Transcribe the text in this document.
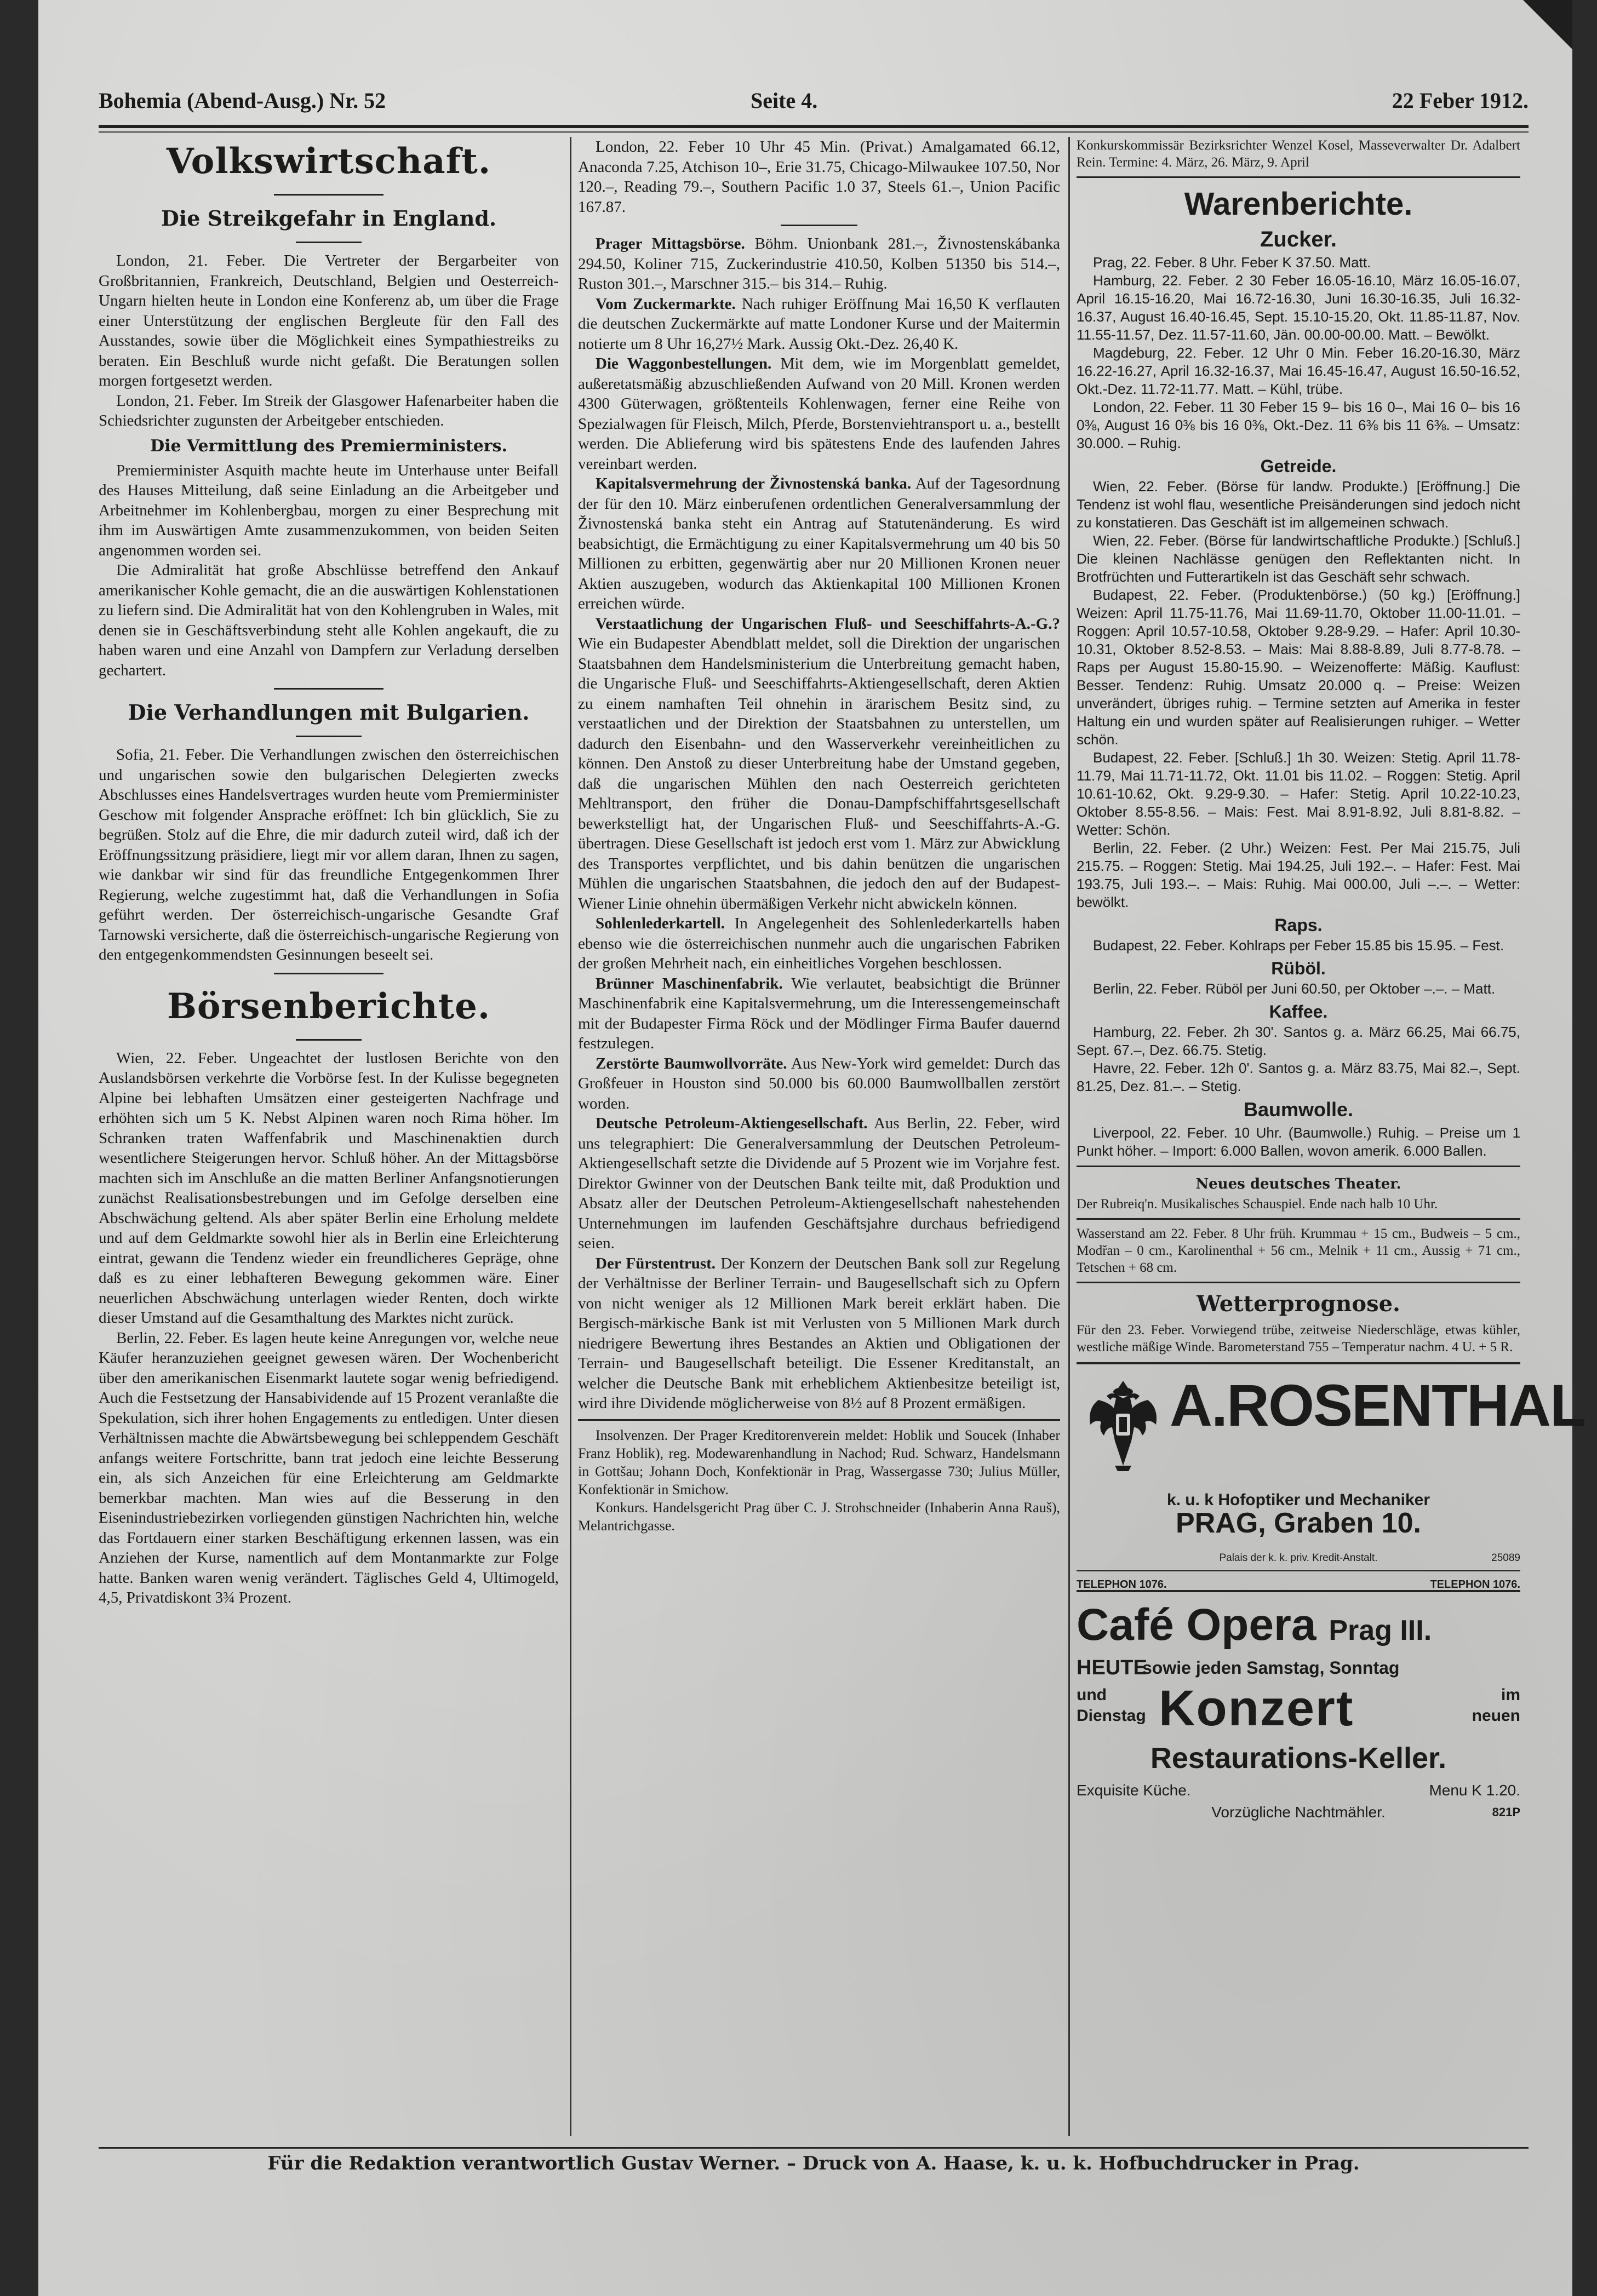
Bohemia (Abend-Ausg.) Nr. 52	Seite 4.	22 Feber 1912.
Volkswirtschaft.
Die Streikgefahr in England.

London, 21. Feber. Die Vertreter der Bergarbeiter von Großbritannien, Frankreich, Deutschland, Belgien und Oesterreich-Ungarn hielten heute in London eine Konferenz ab, um über die Frage einer Unterstützung der englischen Bergleute für den Fall des Ausstandes, sowie über die Möglichkeit eines Sympathiestreiks zu beraten. Ein Beschluß wurde nicht gefaßt. Die Beratungen sollen morgen fortgesetzt werden.

London, 21. Feber. Im Streik der Glasgower Hafenarbeiter haben die Schiedsrichter zugunsten der Arbeitgeber entschieden.

Die Vermittlung des Premierministers.

Premierminister Asquith machte heute im Unterhause unter Beifall des Hauses Mitteilung, daß seine Einladung an die Arbeitgeber und Arbeitnehmer im Kohlenbergbau, morgen zu einer Besprechung mit ihm im Auswärtigen Amte zusammenzukommen, von beiden Seiten angenommen worden sei.

Die Admiralität hat große Abschlüsse betreffend den Ankauf amerikanischer Kohle gemacht, die an die auswärtigen Kohlenstationen zu liefern sind. Die Admiralität hat von den Kohlengruben in Wales, mit denen sie in Geschäftsverbindung steht alle Kohlen angekauft, die zu haben waren und eine Anzahl von Dampfern zur Verladung derselben gechartert.

Die Verhandlungen mit Bulgarien.

Sofia, 21. Feber. Die Verhandlungen zwischen den österreichischen und ungarischen sowie den bulgarischen Delegierten zwecks Abschlusses eines Handelsvertrages wurden heute vom Premierminister Geschow mit folgender Ansprache eröffnet: Ich bin glücklich, Sie zu begrüßen. Stolz auf die Ehre, die mir dadurch zuteil wird, daß ich der Eröffnungssitzung präsidiere, liegt mir vor allem daran, Ihnen zu sagen, wie dankbar wir sind für das freundliche Entgegenkommen Ihrer Regierung, welche zugestimmt hat, daß die Verhandlungen in Sofia geführt werden. Der österreichisch-ungarische Gesandte Graf Tarnowski versicherte, daß die österreichisch-ungarische Regierung von den entgegenkommendsten Gesinnungen beseelt sei.

Börsenberichte.

Wien, 22. Feber. Ungeachtet der lustlosen Berichte von den Auslandsbörsen verkehrte die Vorbörse fest. In der Kulisse begegneten Alpine bei lebhaften Umsätzen einer gesteigerten Nachfrage und erhöhten sich um 5 K. Nebst Alpinen waren noch Rima höher. Im Schranken traten Waffenfabrik und Maschinenaktien durch wesentlichere Steigerungen hervor. Schluß höher. An der Mittagsbörse machten sich im Anschluße an die matten Berliner Anfangsnotierungen zunächst Realisationsbestrebungen und im Gefolge derselben eine Abschwächung geltend. Als aber später Berlin eine Erholung meldete und auf dem Geldmarkte sowohl hier als in Berlin eine Erleichterung eintrat, gewann die Tendenz wieder ein freundlicheres Gepräge, ohne daß es zu einer lebhafteren Bewegung gekommen wäre. Einer neuerlichen Abschwächung unterlagen wieder Renten, doch wirkte dieser Umstand auf die Gesamthaltung des Marktes nicht zurück.

Berlin, 22. Feber. Es lagen heute keine Anregungen vor, welche neue Käufer heranzuziehen geeignet gewesen wären. Der Wochenbericht über den amerikanischen Eisenmarkt lautete sogar wenig befriedigend. Auch die Festsetzung der Hansabividende auf 15 Prozent veranlaßte die Spekulation, sich ihrer hohen Engagements zu entledigen. Unter diesen Verhältnissen machte die Abwärtsbewegung bei schleppendem Geschäft anfangs weitere Fortschritte, bann trat jedoch eine leichte Besserung ein, als sich Anzeichen für eine Erleichterung am Geldmarkte bemerkbar machten. Man wies auf die Besserung in den Eisenindustriebezirken vorliegenden günstigen Nachrichten hin, welche das Fortdauern einer starken Beschäftigung erkennen lassen, was ein Anziehen der Kurse, namentlich auf dem Montanmarkte zur Folge hatte. Banken waren wenig verändert. Täglisches Geld 4, Ultimogeld, 4,5, Privatdiskont 3¾ Prozent.

London, 22. Feber 10 Uhr 45 Min. (Privat.) Amalgamated 66.12, Anaconda 7.25, Atchison 10–, Erie 31.75, Chicago-Milwaukee 107.50, Nor 120.–, Reading 79.–, Southern Pacific 1.0 37, Steels 61.–, Union Pacific 167.87.

Prager Mittagsbörse. Böhm. Unionbank 281.–, Živnostenskábanka 294.50, Koliner 715, Zuckerindustrie 410.50, Kolben 51350 bis 514.–, Ruston 301.–, Marschner 315.– bis 314.– Ruhig.

Vom Zuckermarkte. Nach ruhiger Eröffnung Mai 16,50 K verflauten die deutschen Zuckermärkte auf matte Londoner Kurse und der Maitermin notierte um 8 Uhr 16,27½ Mark. Aussig Okt.-Dez. 26,40 K.

Die Waggonbestellungen. Mit dem, wie im Morgenblatt gemeldet, außeretatsmäßig abzuschließenden Aufwand von 20 Mill. Kronen werden 4300 Güterwagen, größtenteils Kohlenwagen, ferner eine Reihe von Spezialwagen für Fleisch, Milch, Pferde, Borstenviehtransport u. a., bestellt werden. Die Ablieferung wird bis spätestens Ende des laufenden Jahres vereinbart werden.

Kapitalsvermehrung der Živnostenská banka. Auf der Tagesordnung der für den 10. März einberufenen ordentlichen Generalversammlung der Živnostenská banka steht ein Antrag auf Statutenänderung. Es wird beabsichtigt, die Ermächtigung zu einer Kapitalsvermehrung um 40 bis 50 Millionen zu erbitten, gegenwärtig aber nur 20 Millionen Kronen neuer Aktien auszugeben, wodurch das Aktienkapital 100 Millionen Kronen erreichen würde.

Verstaatlichung der Ungarischen Fluß- und Seeschiffahrts-A.-G.? Wie ein Budapester Abendblatt meldet, soll die Direktion der ungarischen Staatsbahnen dem Handelsministerium die Unterbreitung gemacht haben, die Ungarische Fluß- und Seeschiffahrts-Aktiengesellschaft, deren Aktien zu einem namhaften Teil ohnehin in ärarischem Besitz sind, zu verstaatlichen und der Direktion der Staatsbahnen zu unterstellen, um dadurch den Eisenbahn- und den Wasserverkehr vereinheitlichen zu können. Den Anstoß zu dieser Unterbreitung habe der Umstand gegeben, daß die ungarischen Mühlen den nach Oesterreich gerichteten Mehltransport, den früher die Donau-Dampfschiffahrtsgesellschaft bewerkstelligt hat, der Ungarischen Fluß- und Seeschiffahrts-A.-G. übertragen. Diese Gesellschaft ist jedoch erst vom 1. März zur Abwicklung des Transportes verpflichtet, und bis dahin benützen die ungarischen Mühlen die ungarischen Staatsbahnen, die jedoch den auf der Budapest-Wiener Linie ohnehin übermäßigen Verkehr nicht abwickeln können.

Sohlenlederkartell. In Angelegenheit des Sohlenlederkartells haben ebenso wie die österreichischen nunmehr auch die ungarischen Fabriken der großen Mehrheit nach, ein einheitliches Vorgehen beschlossen.

Brünner Maschinenfabrik. Wie verlautet, beabsichtigt die Brünner Maschinenfabrik eine Kapitalsvermehrung, um die Interessengemeinschaft mit der Budapester Firma Röck und der Mödlinger Firma Baufer dauernd festzulegen.

Zerstörte Baumwollvorräte. Aus New-York wird gemeldet: Durch das Großfeuer in Houston sind 50.000 bis 60.000 Baumwollballen zerstört worden.

Deutsche Petroleum-Aktiengesellschaft. Aus Berlin, 22. Feber, wird uns telegraphiert: Die Generalversammlung der Deutschen Petroleum-Aktiengesellschaft setzte die Dividende auf 5 Prozent wie im Vorjahre fest. Direktor Gwinner von der Deutschen Bank teilte mit, daß Produktion und Absatz aller der Deutschen Petroleum-Aktiengesellschaft nahestehenden Unternehmungen im laufenden Geschäftsjahre durchaus befriedigend seien.

Der Fürstentrust. Der Konzern der Deutschen Bank soll zur Regelung der Verhältnisse der Berliner Terrain- und Baugesellschaft sich zu Opfern von nicht weniger als 12 Millionen Mark bereit erklärt haben. Die Bergisch-märkische Bank ist mit Verlusten von 5 Millionen Mark durch niedrigere Bewertung ihres Bestandes an Aktien und Obligationen der Terrain- und Baugesellschaft beteiligt. Die Essener Kreditanstalt, an welcher die Deutsche Bank mit erheblichem Aktienbesitze beteiligt ist, wird ihre Dividende möglicherweise von 8½ auf 8 Prozent ermäßigen.

Insolvenzen. Der Prager Kreditorenverein meldet: Hoblik und Soucek (Inhaber Franz Hoblik), reg. Modewarenhandlung in Nachod; Rud. Schwarz, Handelsmann in Gottšau; Johann Doch, Konfektionär in Prag, Wassergasse 730; Julius Müller, Konfektionär in Smichow.

Konkurs. Handelsgericht Prag über C. J. Strohschneider (Inhaberin Anna Rauš), Melantrichgasse.

Konkurskommissär Bezirksrichter Wenzel Kosel, Masseverwalter Dr. Adalbert Rein. Termine: 4. März, 26. März, 9. April

Warenberichte.
Zucker.

Prag, 22. Feber. 8 Uhr. Feber K 37.50. Matt.

Hamburg, 22. Feber. 2 30 Feber 16.05-16.10, März 16.05-16.07, April 16.15-16.20, Mai 16.72-16.30, Juni 16.30-16.35, Juli 16.32-16.37, August 16.40-16.45, Sept. 15.10-15.20, Okt. 11.85-11.87, Nov. 11.55-11.57, Dez. 11.57-11.60, Jän. 00.00-00.00. Matt. – Bewölkt.

Magdeburg, 22. Feber. 12 Uhr 0 Min. Feber 16.20-16.30, März 16.22-16.27, April 16.32-16.37, Mai 16.45-16.47, August 16.50-16.52, Okt.-Dez. 11.72-11.77. Matt. – Kühl, trübe.

London, 22. Feber. 11 30 Feber 15 9– bis 16 0–, Mai 16 0– bis 16 0⅜, August 16 0⅜ bis 16 0⅜, Okt.-Dez. 11 6⅜ bis 11 6⅜. – Umsatz: 30.000. – Ruhig.

Getreide.

Wien, 22. Feber. (Börse für landw. Produkte.) [Eröffnung.] Die Tendenz ist wohl flau, wesentliche Preisänderungen sind jedoch nicht zu konstatieren. Das Geschäft ist im allgemeinen schwach.

Wien, 22. Feber. (Börse für landwirtschaftliche Produkte.) [Schluß.] Die kleinen Nachlässe genügen den Reflektanten nicht. In Brotfrüchten und Futterartikeln ist das Geschäft sehr schwach.

Budapest, 22. Feber. (Produktenbörse.) (50 kg.) [Eröffnung.] Weizen: April 11.75-11.76, Mai 11.69-11.70, Oktober 11.00-11.01. – Roggen: April 10.57-10.58, Oktober 9.28-9.29. – Hafer: April 10.30-10.31, Oktober 8.52-8.53. – Mais: Mai 8.88-8.89, Juli 8.77-8.78. – Raps per August 15.80-15.90. – Weizenofferte: Mäßig. Kauflust: Besser. Tendenz: Ruhig. Umsatz 20.000 q. – Preise: Weizen unverändert, übriges ruhig. – Termine setzten auf Amerika in fester Haltung ein und wurden später auf Realisierungen ruhiger. – Wetter schön.

Budapest, 22. Feber. [Schluß.] 1h 30. Weizen: Stetig. April 11.78-11.79, Mai 11.71-11.72, Okt. 11.01 bis 11.02. – Roggen: Stetig. April 10.61-10.62, Okt. 9.29-9.30. – Hafer: Stetig. April 10.22-10.23, Oktober 8.55-8.56. – Mais: Fest. Mai 8.91-8.92, Juli 8.81-8.82. – Wetter: Schön.

Berlin, 22. Feber. (2 Uhr.) Weizen: Fest. Per Mai 215.75, Juli 215.75. – Roggen: Stetig. Mai 194.25, Juli 192.–. – Hafer: Fest. Mai 193.75, Juli 193.–. – Mais: Ruhig. Mai 000.00, Juli –.–. – Wetter: bewölkt.

Raps.

Budapest, 22. Feber. Kohlraps per Feber 15.85 bis 15.95. – Fest.

Rüböl.

Berlin, 22. Feber. Rüböl per Juni 60.50, per Oktober –.–. – Matt.

Kaffee.

Hamburg, 22. Feber. 2h 30'. Santos g. a. März 66.25, Mai 66.75, Sept. 67.–, Dez. 66.75. Stetig.

Havre, 22. Feber. 12h 0'. Santos g. a. März 83.75, Mai 82.–, Sept. 81.25, Dez. 81.–. – Stetig.

Baumwolle.

Liverpool, 22. Feber. 10 Uhr. (Baumwolle.) Ruhig. – Preise um 1 Punkt höher. – Import: 6.000 Ballen, wovon amerik. 6.000 Ballen.

Neues deutsches Theater.

Der Rubreiq'n. Musikalisches Schauspiel. Ende nach halb 10 Uhr.

Wasserstand am 22. Feber. 8 Uhr früh. Krummau + 15 cm., Budweis – 5 cm., Modřan – 0 cm., Karolinenthal + 56 cm., Melnik + 11 cm., Aussig + 71 cm., Tetschen + 68 cm.

Wetterprognose.

Für den 23. Feber. Vorwiegend trübe, zeitweise Niederschläge, etwas kühler, westliche mäßige Winde. Barometerstand 755 – Temperatur nachm. 4 U. + 5 R.

A.ROSENTHAL
k. u. k Hofoptiker und Mechaniker
PRAG, Graben 10.
Palais der k. k. priv. Kredit-Anstalt.	25089
TELEPHON 1076.	TELEPHON 1076.
Café Opera Prag III.
HEUTE
sowie jeden Samstag, Sonntag
und
Dienstag Konzert	im
neuen
Restaurations-Keller.
Exquisite Küche.	Menu K 1.20.
Vorzügliche Nachtmähler.	821P
Für die Redaktion verantwortlich Gustav Werner. – Druck von A. Haase, k. u. k. Hofbuchdrucker in Prag.
